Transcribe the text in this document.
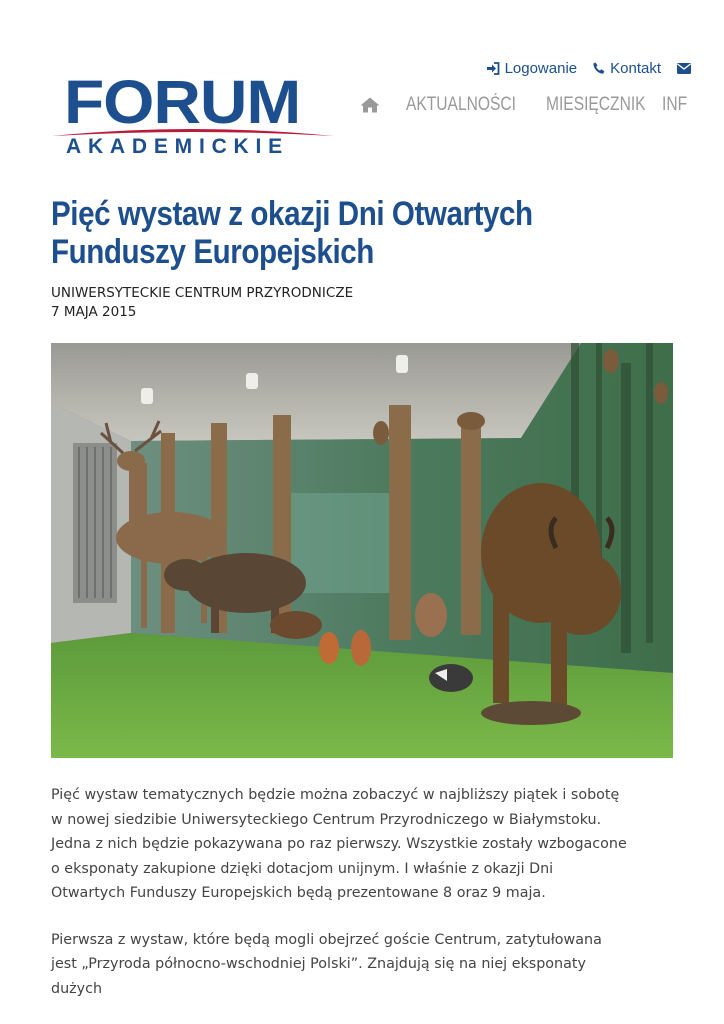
Logowanie Kontakt
FORUM
AKADEMICKIE
AKTUALNOŚCI MIESIĘCZNIK INF
Pięć wystaw z okazji Dni Otwartych Funduszy Europejskich
UNIWERSYTECKIE CENTRUM PRZYRODNICZE
7 MAJA 2015

Pięć wystaw tematycznych będzie można zobaczyć w najbliższy piątek i sobotę w nowej siedzibie Uniwersyteckiego Centrum Przyrodniczego w Białymstoku. Jedna z nich będzie pokazywana po raz pierwszy. Wszystkie zostały wzbogacone o eksponaty zakupione dzięki dotacjom unijnym. I właśnie z okazji Dni Otwartych Funduszy Europejskich będą prezentowane 8 oraz 9 maja.

Pierwsza z wystaw, które będą mogli obejrzeć goście Centrum, zatytułowana jest „Przyroda północno-wschodniej Polski”. Znajdują się na niej eksponaty dużych
